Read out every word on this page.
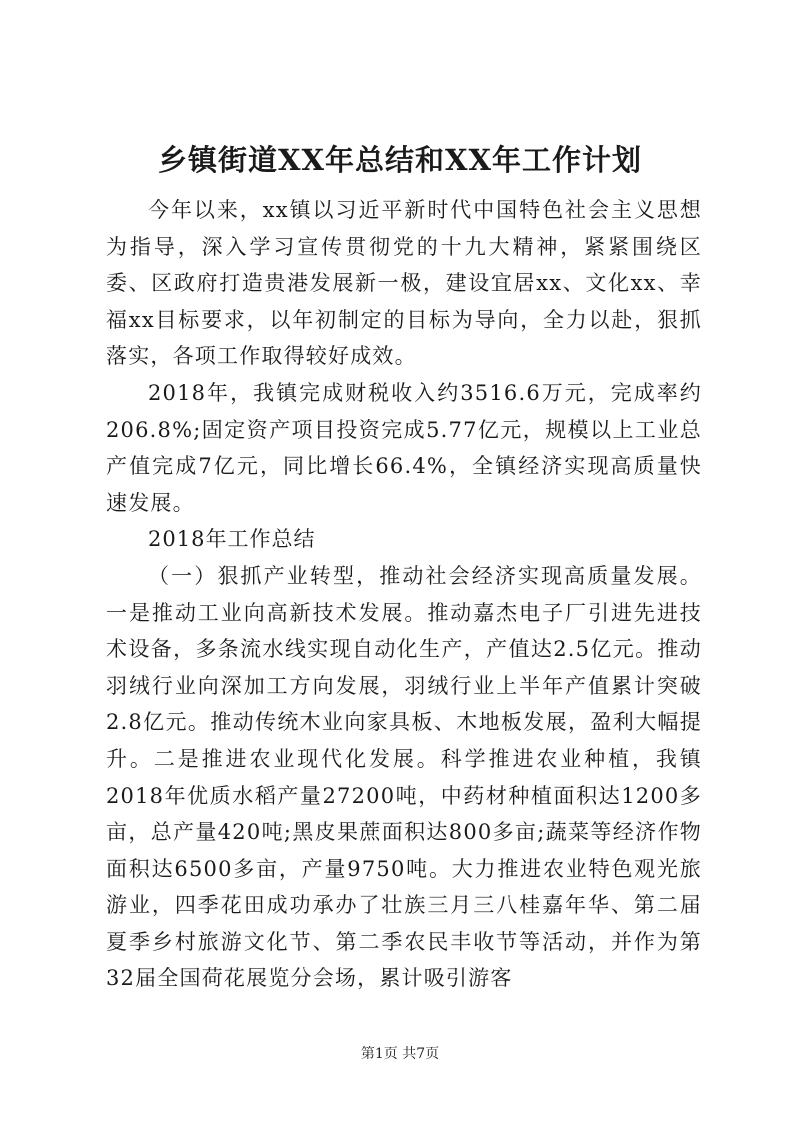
乡镇街道XX年总结和XX年工作计划

今年以来，xx镇以习近平新时代中国特色社会主义思想为指导，深入学习宣传贯彻党的十九大精神，紧紧围绕区委、区政府打造贵港发展新一极，建设宜居xx、文化xx、幸福xx目标要求，以年初制定的目标为导向，全力以赴，狠抓落实，各项工作取得较好成效。

2018年，我镇完成财税收入约3516.6万元，完成率约206.8%;固定资产项目投资完成5.77亿元，规模以上工业总产值完成7亿元，同比增长66.4%，全镇经济实现高质量快速发展。

2018年工作总结

（一）狠抓产业转型，推动社会经济实现高质量发展。一是推动工业向高新技术发展。推动嘉杰电子厂引进先进技术设备，多条流水线实现自动化生产，产值达2.5亿元。推动羽绒行业向深加工方向发展，羽绒行业上半年产值累计突破2.8亿元。推动传统木业向家具板、木地板发展，盈利大幅提升。二是推进农业现代化发展。科学推进农业种植，我镇2018年优质水稻产量27200吨，中药材种植面积达1200多亩，总产量420吨;黑皮果蔗面积达800多亩;蔬菜等经济作物面积达6500多亩，产量9750吨。大力推进农业特色观光旅游业，四季花田成功承办了壮族三月三八桂嘉年华、第二届夏季乡村旅游文化节、第二季农民丰收节等活动，并作为第32届全国荷花展览分会场，累计吸引游客

第1页 共7页
